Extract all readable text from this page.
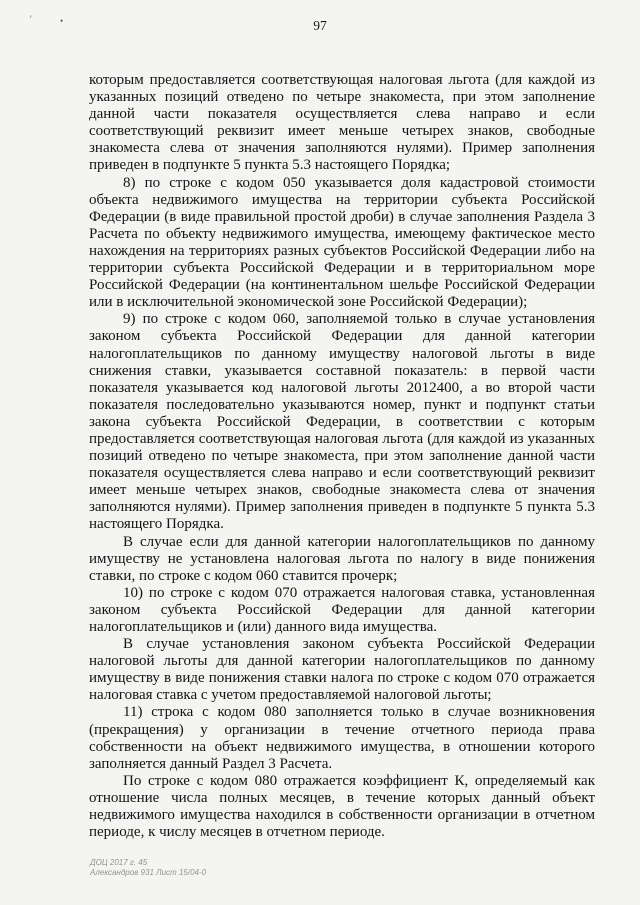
'	•	97

которым предоставляется соответствующая налоговая льгота (для каждой из указанных позиций отведено по четыре знакоместа, при этом заполнение данной части показателя осуществляется слева направо и если соответствующий реквизит имеет меньше четырех знаков, свободные знакоместа слева от значения заполняются нулями). Пример заполнения приведен в подпункте 5 пункта 5.3 настоящего Порядка;

8) по строке с кодом 050 указывается доля кадастровой стоимости объекта недвижимого имущества на территории субъекта Российской Федерации (в виде правильной простой дроби) в случае заполнения Раздела 3 Расчета по объекту недвижимого имущества, имеющему фактическое место нахождения на территориях разных субъектов Российской Федерации либо на территории субъекта Российской Федерации и в территориальном море Российской Федерации (на континентальном шельфе Российской Федерации или в исключительной экономической зоне Российской Федерации);

9) по строке с кодом 060, заполняемой только в случае установления законом субъекта Российской Федерации для данной категории налогоплательщиков по данному имуществу налоговой льготы в виде снижения ставки, указывается составной показатель: в первой части показателя указывается код налоговой льготы 2012400, а во второй части показателя последовательно указываются номер, пункт и подпункт статьи закона субъекта Российской Федерации, в соответствии с которым предоставляется соответствующая налоговая льгота (для каждой из указанных позиций отведено по четыре знакоместа, при этом заполнение данной части показателя осуществляется слева направо и если соответствующий реквизит имеет меньше четырех знаков, свободные знакоместа слева от значения заполняются нулями). Пример заполнения приведен в подпункте 5 пункта 5.3 настоящего Порядка.

В случае если для данной категории налогоплательщиков по данному имуществу не установлена налоговая льгота по налогу в виде понижения ставки, по строке с кодом 060 ставится прочерк;

10) по строке с кодом 070 отражается налоговая ставка, установленная законом субъекта Российской Федерации для данной категории налогоплательщиков и (или) данного вида имущества.

В случае установления законом субъекта Российской Федерации налоговой льготы для данной категории налогоплательщиков по данному имуществу в виде понижения ставки налога по строке с кодом 070 отражается налоговая ставка с учетом предоставляемой налоговой льготы;

11) строка с кодом 080 заполняется только в случае возникновения (прекращения) у организации в течение отчетного периода права собственности на объект недвижимого имущества, в отношении которого заполняется данный Раздел 3 Расчета.

По строке с кодом 080 отражается коэффициент К, определяемый как отношение числа полных месяцев, в течение которых данный объект недвижимого имущества находился в собственности организации в отчетном периоде, к числу месяцев в отчетном периоде.

ДОЦ 2017 г. 45
Александров 931 Лист 15/04-0
